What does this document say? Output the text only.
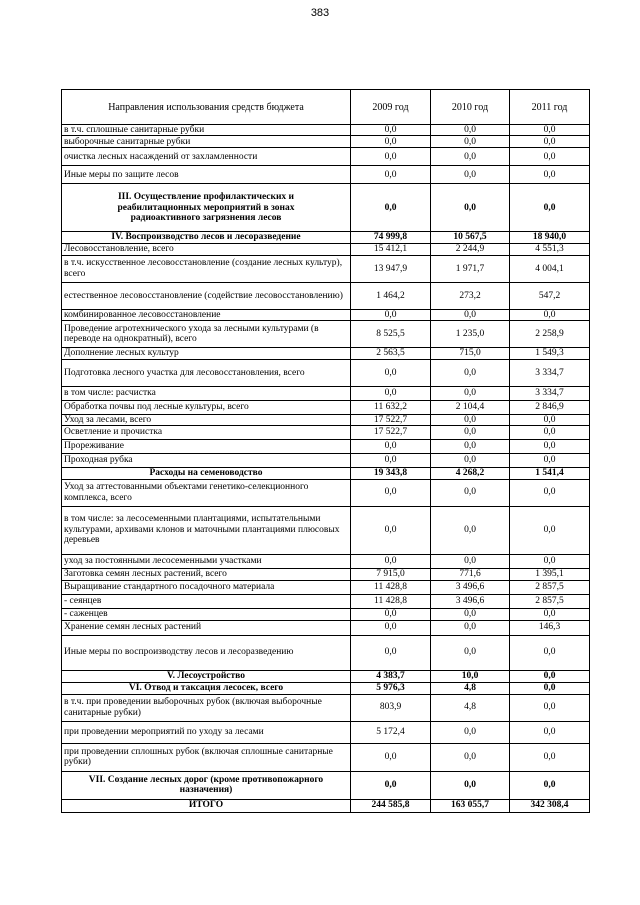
383
Направления использования средств бюджета	2009 год	2010 год	2011 год
в т.ч. сплошные санитарные рубки	0,0	0,0	0,0
выборочные санитарные рубки	0,0	0,0	0,0
очистка лесных насаждений от захламленности	0,0	0,0	0,0
Иные меры по защите лесов	0,0	0,0	0,0
III. Осуществление профилактических и реабилитационных мероприятий в зонах радиоактивного загрязнения лесов	0,0	0,0	0,0
IV. Воспроизводство лесов и лесоразведение	74 999,8	10 567,5	18 940,0
Лесовосстановление, всего	15 412,1	2 244,9	4 551,3
в т.ч. искусственное лесовосстановление (создание лесных культур), всего	13 947,9	1 971,7	4 004,1
естественное лесовосстановление (содействие лесовосстановлению)	1 464,2	273,2	547,2
комбинированное лесовосстановление	0,0	0,0	0,0
Проведение агротехнического ухода за лесными культурами (в переводе на однократный), всего	8 525,5	1 235,0	2 258,9
Дополнение лесных культур	2 563,5	715,0	1 549,3
Подготовка лесного участка для лесовосстановления, всего	0,0	0,0	3 334,7
в том числе: расчистка	0,0	0,0	3 334,7
Обработка почвы под лесные культуры, всего	11 632,2	2 104,4	2 846,9
Уход за лесами, всего	17 522,7	0,0	0,0
Осветление и прочистка	17 522,7	0,0	0,0
Прореживание	0,0	0,0	0,0
Проходная рубка	0,0	0,0	0,0
Расходы на семеноводство	19 343,8	4 268,2	1 541,4
Уход за аттестованными объектами генетико-селекционного комплекса, всего	0,0	0,0	0,0
в том числе: за лесосеменными плантациями, испытательными культурами, архивами клонов и маточными плантациями плюсовых деревьев	0,0	0,0	0,0
уход за постоянными лесосеменными участками	0,0	0,0	0,0
Заготовка семян лесных растений, всего	7 915,0	771,6	1 395,1
Выращивание стандартного посадочного материала	11 428,8	3 496,6	2 857,5
- сеянцев	11 428,8	3 496,6	2 857,5
- саженцев	0,0	0,0	0,0
Хранение семян лесных растений	0,0	0,0	146,3
Иные меры по воспроизводству лесов и лесоразведению	0,0	0,0	0,0
V. Лесоустройство	4 383,7	10,0	0,0
VI. Отвод и таксация лесосек, всего	5 976,3	4,8	0,0
в т.ч. при проведении выборочных рубок (включая выборочные санитарные рубки)	803,9	4,8	0,0
при проведении мероприятий по уходу за лесами	5 172,4	0,0	0,0
при проведении сплошных рубок (включая сплошные санитарные рубки)	0,0	0,0	0,0
VII. Создание лесных дорог (кроме противопожарного назначения)	0,0	0,0	0,0
ИТОГО	244 585,8	163 055,7	342 308,4
